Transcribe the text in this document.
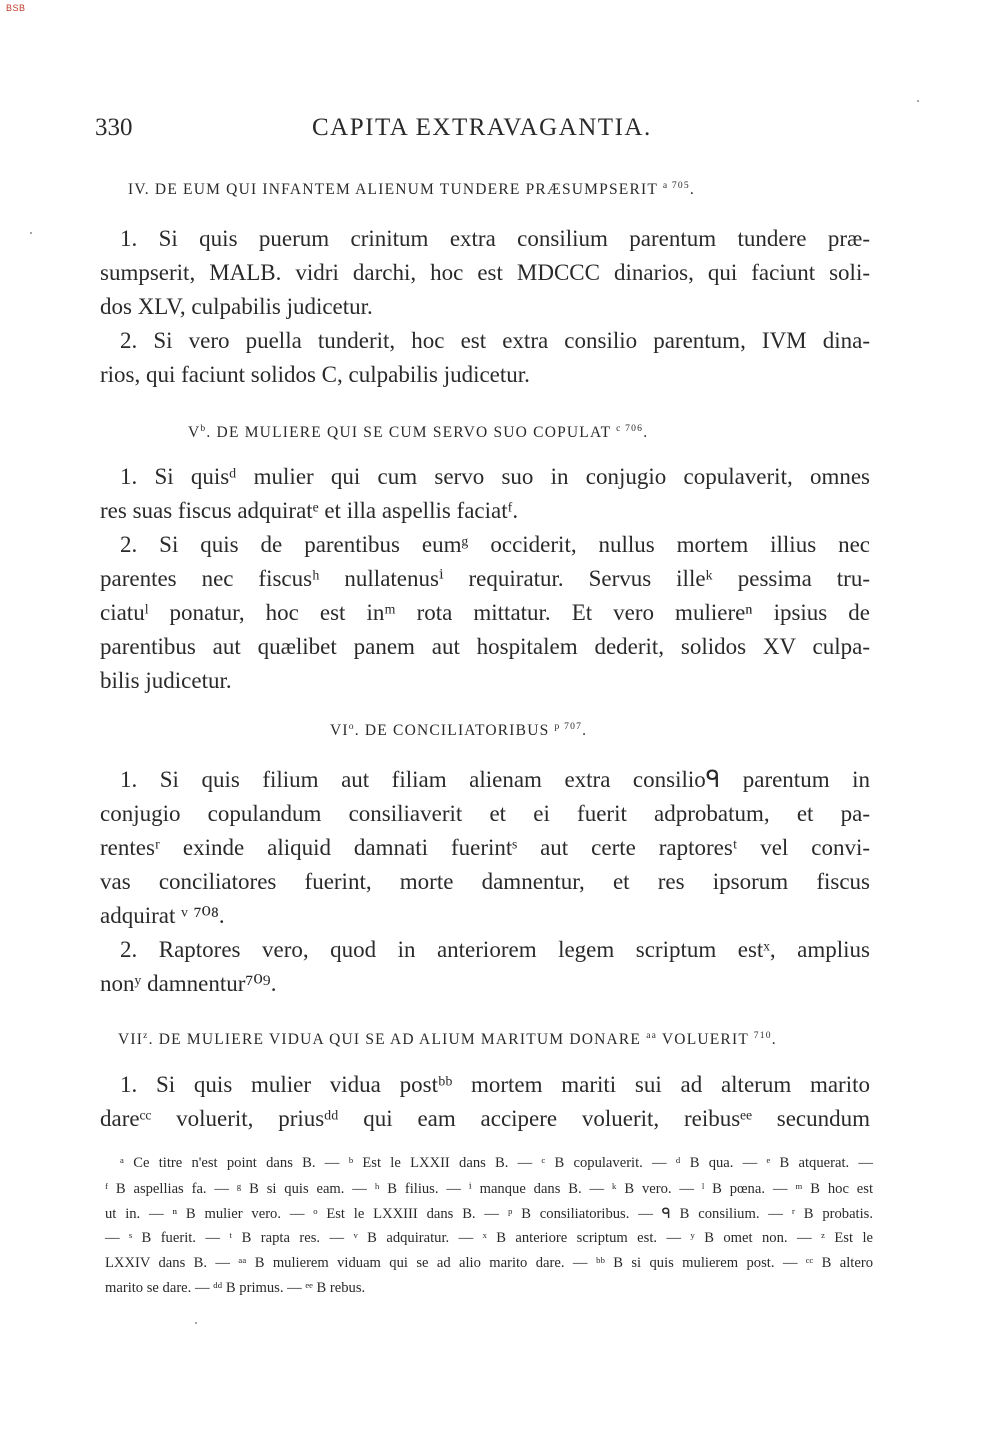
BSB
330	CAPITA EXTRAVAGANTIA.
IV. DE EUM QUI INFANTEM ALIENUM TUNDERE PRÆSUMPSERIT $^{a 705}$.
1. Si quis puerum crinitum extra consilium parentum tundere præ-
sumpserit, MALB. vidri darchi, hoc est MDCCC dinarios, qui faciunt soli-
dos XLV, culpabilis judicetur.
2. Si vero puella tunderit, hoc est extra consilio parentum, IVM dina-
rios, qui faciunt solidos C, culpabilis judicetur.
$V^b$. DE MULIERE QUI SE CUM SERVO SUO COPULAT $^{c 706}$.
1. Si quisᵈ mulier qui cum servo suo in conjugio copulaverit, omnes
res suas fiscus adquiratᵉ et illa aspellis faciatᶠ.
2. Si quis de parentibus eumᵍ occiderit, nullus mortem illius nec
parentes nec fiscusʰ nullatenusⁱ requiratur. Servus illeᵏ pessima tru-
ciatuˡ ponatur, hoc est inᵐ rota mittatur. Et vero muliereⁿ ipsius de
parentibus aut quælibet panem aut hospitalem dederit, solidos XV culpa-
bilis judicetur.
$VI^o$. DE CONCILIATORIBUS $^{p 707}$.
1. Si quis filium aut filiam alienam extra consilioᑫ parentum in
conjugio copulandum consiliaverit et ei fuerit adprobatum, et pa-
rentesʳ exinde aliquid damnati fuerintˢ aut certe raptoresᵗ vel convi-
vas conciliatores fuerint, morte damnentur, et res ipsorum fiscus
adquirat ᵛ ⁷⁰⁸.
2. Raptores vero, quod in anteriorem legem scriptum estˣ, amplius
nonʸ damnentur⁷⁰⁹.
VII$^z$. DE MULIERE VIDUA QUI SE AD ALIUM MARITUM DONARE $^{aa}$ VOLUERIT $^{710}$.
1. Si quis mulier vidua postᵇᵇ mortem mariti sui ad alterum marito
dareᶜᶜ voluerit, priusᵈᵈ qui eam accipere voluerit, reibusᵉᵉ secundum
ᵃ Ce titre n'est point dans B. — ᵇ Est le LXXII dans B. — ᶜ B copulaverit. — ᵈ B qua. — ᵉ B atquerat. —
ᶠ B aspellias fa. — ᵍ B si quis eam. — ʰ B filius. — ⁱ manque dans B. — ᵏ B vero. — ˡ B pœna. — ᵐ B hoc est
ut in. — ⁿ B mulier vero. — ᵒ Est le LXXIII dans B. — ᵖ B consiliatoribus. — ᑫ B consilium. — ʳ B probatis.
— ˢ B fuerit. — ᵗ B rapta res. — ᵛ B adquiratur. — ˣ B anteriore scriptum est. — ʸ B omet non. — ᶻ Est le
LXXIV dans B. — ᵃᵃ B mulierem viduam qui se ad alio marito dare. — ᵇᵇ B si quis mulierem post. — ᶜᶜ B altero
marito se dare. — ᵈᵈ B primus. — ᵉᵉ B rebus.
